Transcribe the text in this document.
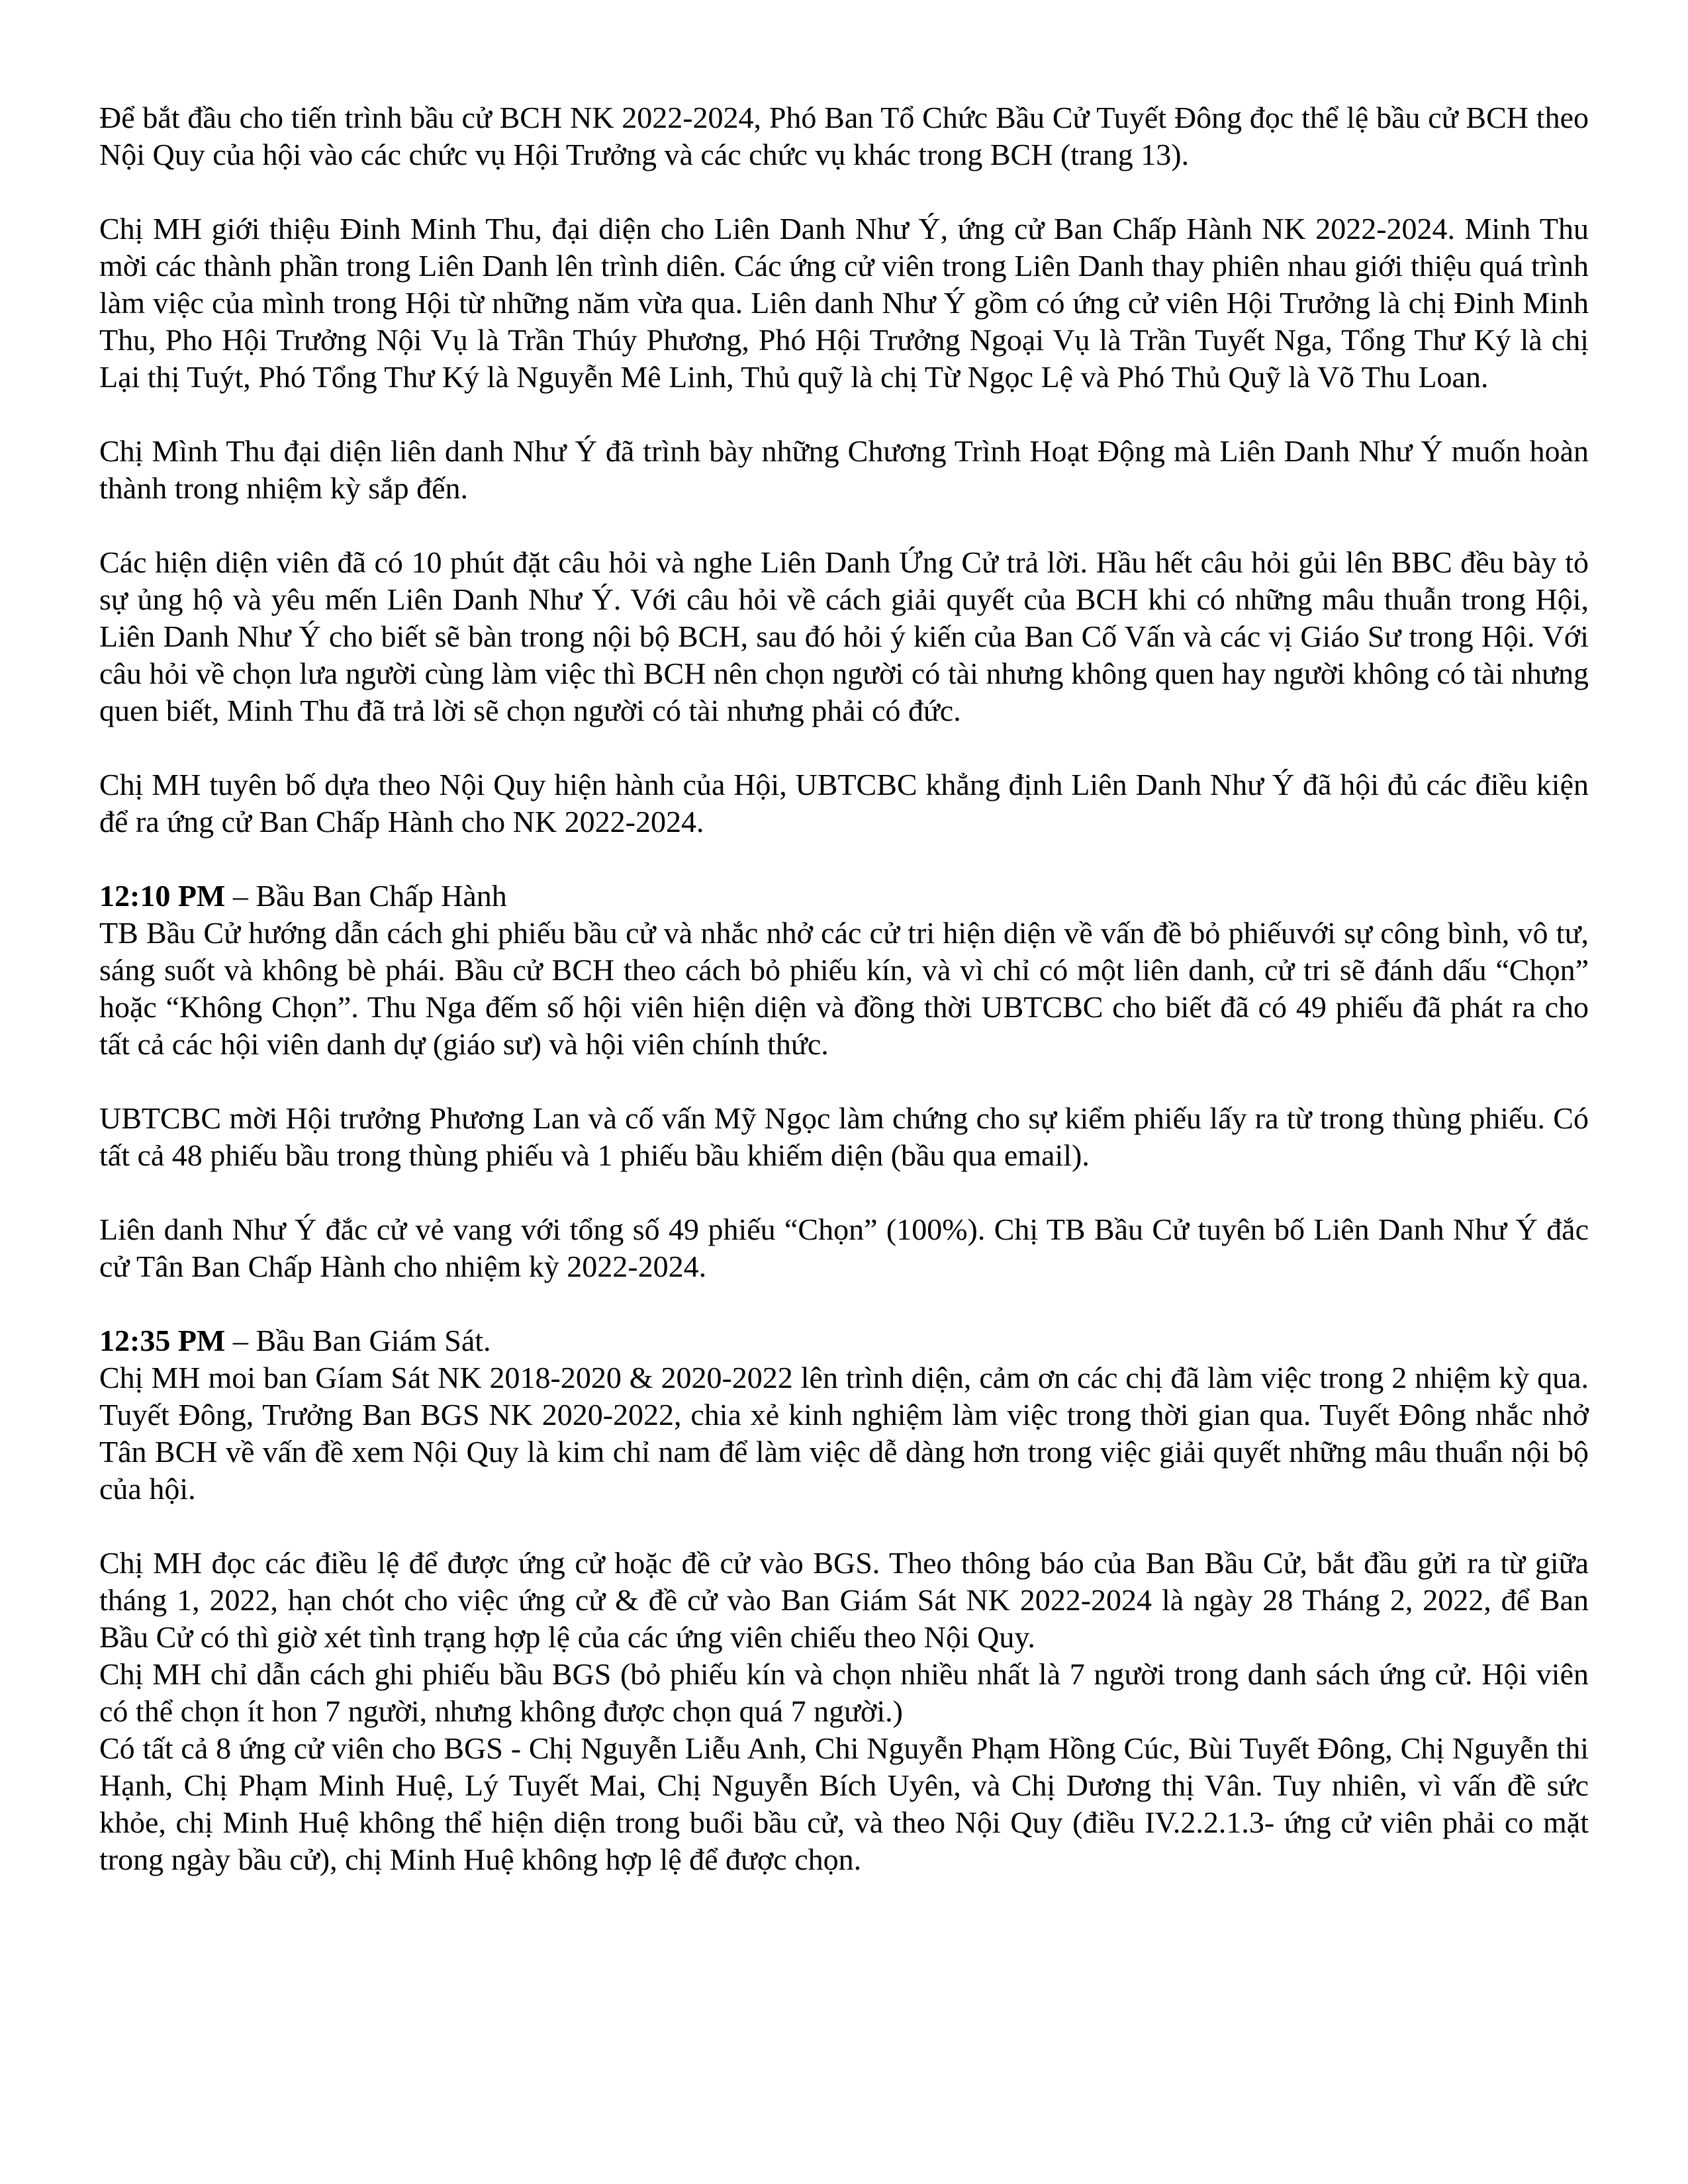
Để bắt đầu cho tiến trình bầu cử BCH NK 2022-2024, Phó Ban Tổ Chức Bầu Cử Tuyết Đông đọc thể lệ bầu cử BCH theo Nội Quy của hội vào các chức vụ Hội Trưởng và các chức vụ khác trong BCH (trang 13).

Chị MH giới thiệu Đinh Minh Thu, đại diện cho Liên Danh Như Ý, ứng cử Ban Chấp Hành NK 2022-2024. Minh Thu mời các thành phần trong Liên Danh lên trình diên. Các ứng cử viên trong Liên Danh thay phiên nhau giới thiệu quá trình làm việc của mình trong Hội từ những năm vừa qua. Liên danh Như Ý gồm có ứng cử viên Hội Trưởng là chị Đinh Minh Thu, Pho Hội Trưởng Nội Vụ là Trần Thúy Phương, Phó Hội Trưởng Ngoại Vụ là Trần Tuyết Nga, Tổng Thư Ký là chị Lại thị Tuýt, Phó Tổng Thư Ký là Nguyễn Mê Linh, Thủ quỹ là chị Từ Ngọc Lệ và Phó Thủ Quỹ là Võ Thu Loan.

Chị Mình Thu đại diện liên danh Như Ý đã trình bày những Chương Trình Hoạt Động mà Liên Danh Như Ý muốn hoàn thành trong nhiệm kỳ sắp đến.

Các hiện diện viên đã có 10 phút đặt câu hỏi và nghe Liên Danh Ứng Cử trả lời. Hầu hết câu hỏi gủi lên BBC đều bày tỏ sự ủng hộ và yêu mến Liên Danh Như Ý. Với câu hỏi về cách giải quyết của BCH khi có những mâu thuẫn trong Hội, Liên Danh Như Ý cho biết sẽ bàn trong nội bộ BCH, sau đó hỏi ý kiến của Ban Cố Vấn và các vị Giáo Sư trong Hội. Với câu hỏi về chọn lưa người cùng làm việc thì BCH nên chọn người có tài nhưng không quen hay người không có tài nhưng quen biết, Minh Thu đã trả lời sẽ chọn người có tài nhưng phải có đức.

Chị MH tuyên bố dựa theo Nội Quy hiện hành của Hội, UBTCBC khẳng định Liên Danh Như Ý đã hội đủ các điều kiện để ra ứng cử Ban Chấp Hành cho NK 2022-2024.

12:10 PM – Bầu Ban Chấp Hành

TB Bầu Cử hướng dẫn cách ghi phiếu bầu cử và nhắc nhở các cử tri hiện diện về vấn đề bỏ phiếuvới sự công bình, vô tư, sáng suốt và không bè phái. Bầu cử BCH theo cách bỏ phiếu kín, và vì chỉ có một liên danh, cử tri sẽ đánh dấu “Chọn” hoặc “Không Chọn”. Thu Nga đếm số hội viên hiện diện và đồng thời UBTCBC cho biết đã có 49 phiếu đã phát ra cho tất cả các hội viên danh dự (giáo sư) và hội viên chính thức.

UBTCBC mời Hội trưởng Phương Lan và cố vấn Mỹ Ngọc làm chứng cho sự kiểm phiếu lấy ra từ trong thùng phiếu. Có tất cả 48 phiếu bầu trong thùng phiếu và 1 phiếu bầu khiếm diện (bầu qua email).

Liên danh Như Ý đắc cử vẻ vang với tổng số 49 phiếu “Chọn” (100%). Chị TB Bầu Cử tuyên bố Liên Danh Như Ý đắc cử Tân Ban Chấp Hành cho nhiệm kỳ 2022-2024.

12:35 PM – Bầu Ban Giám Sát.

Chị MH moi ban Gíam Sát NK 2018-2020 & 2020-2022 lên trình diện, cảm ơn các chị đã làm việc trong 2 nhiệm kỳ qua. Tuyết Đông, Trưởng Ban BGS NK 2020-2022, chia xẻ kinh nghiệm làm việc trong thời gian qua. Tuyết Đông nhắc nhở Tân BCH về vấn đề xem Nội Quy là kim chỉ nam để làm việc dễ dàng hơn trong việc giải quyết những mâu thuẩn nội bộ của hội.

Chị MH đọc các điều lệ để được ứng cử hoặc đề cử vào BGS. Theo thông báo của Ban Bầu Cử, bắt đầu gửi ra từ giữa tháng 1, 2022, hạn chót cho việc ứng cử & đề cử vào Ban Giám Sát NK 2022-2024 là ngày 28 Tháng 2, 2022, để Ban Bầu Cử có thì giờ xét tình trạng hợp lệ của các ứng viên chiếu theo Nội Quy.

Chị MH chỉ dẫn cách ghi phiếu bầu BGS (bỏ phiếu kín và chọn nhiều nhất là 7 người trong danh sách ứng cử. Hội viên có thể chọn ít hon 7 người, nhưng không được chọn quá 7 người.)

Có tất cả 8 ứng cử viên cho BGS - Chị Nguyễn Liễu Anh, Chi Nguyễn Phạm Hồng Cúc, Bùi Tuyết Đông, Chị Nguyễn thi Hạnh, Chị Phạm Minh Huệ, Lý Tuyết Mai, Chị Nguyễn Bích Uyên, và Chị Dương thị Vân. Tuy nhiên, vì vấn đề sức khỏe, chị Minh Huệ không thể hiện diện trong buổi bầu cử, và theo Nội Quy (điều IV.2.2.1.3- ứng cử viên phải co mặt trong ngày bầu cử), chị Minh Huệ không hợp lệ để được chọn.
